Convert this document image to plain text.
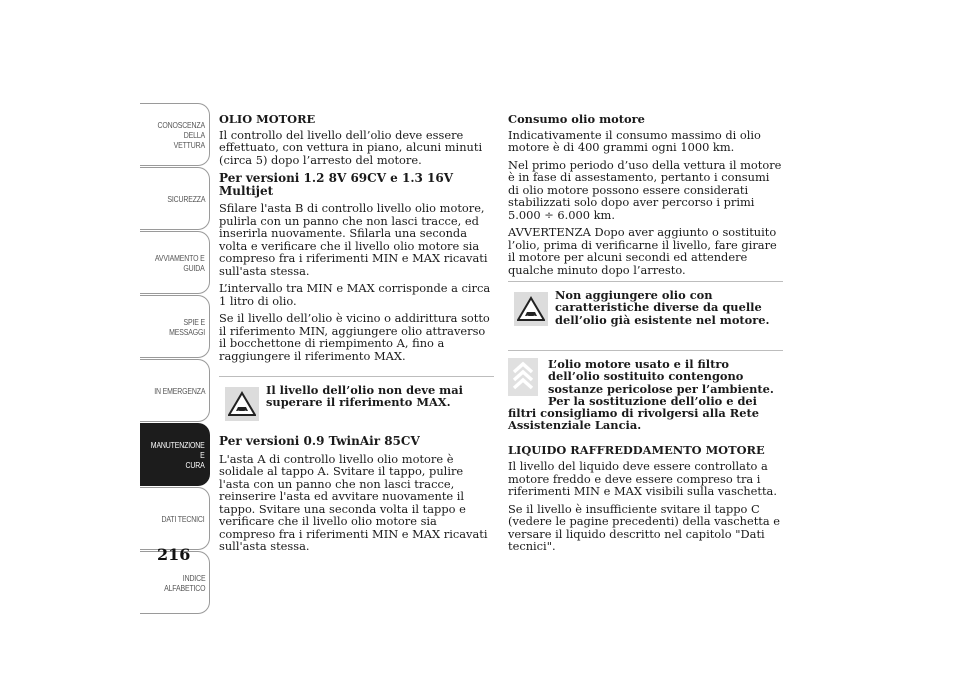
CONOSCENZA
DELLA VETTURA
SICUREZZA
AVVIAMENTO E
GUIDA
SPIE E MESSAGGI
IN EMERGENZA
MANUTENZIONE E
CURA
DATI TECNICI
INDICE
ALFABETICO
216
OLIO MOTORE

Il controllo del livello dell’olio deve essere effettuato, con vettura in piano, alcuni minuti (circa 5) dopo l’arresto del motore.

Per versioni 1.2 8V 69CV e 1.3 16V Multijet

Sfilare l'asta B di controllo livello olio motore, pulirla con un panno che non lasci tracce, ed inserirla nuovamente. Sfilarla una seconda volta e verificare che il livello olio motore sia compreso fra i riferimenti MIN e MAX ricavati sull'asta stessa.

L’intervallo tra MIN e MAX corrisponde a circa 1 litro di olio.

Se il livello dell’olio è vicino o addirittura sotto il riferimento MIN, aggiungere olio attraverso il bocchettone di riempimento A, fino a raggiungere il riferimento MAX.

Il livello dell’olio non deve mai superare il riferimento MAX.
Per versioni 0.9 TwinAir 85CV

L'asta A di controllo livello olio motore è solidale al tappo A. Svitare il tappo, pulire l'asta con un panno che non lasci tracce, reinserire l'asta ed avvitare nuovamente il tappo. Svitare una seconda volta il tappo e verificare che il livello olio motore sia compreso fra i riferimenti MIN e MAX ricavati sull'asta stessa.

Consumo olio motore

Indicativamente il consumo massimo di olio motore è di 400 grammi ogni 1000 km.

Nel primo periodo d’uso della vettura il motore è in fase di assestamento, pertanto i consumi di olio motore possono essere considerati stabilizzati solo dopo aver percorso i primi 5.000 ÷ 6.000 km.

AVVERTENZA Dopo aver aggiunto o sostituito l’olio, prima di verificarne il livello, fare girare il motore per alcuni secondi ed attendere qualche minuto dopo l’arresto.

Non aggiungere olio con caratteristiche diverse da quelle dell’olio già esistente nel motore.
L’olio motore usato e il filtro dell’olio sostituito contengono sostanze pericolose per l’ambiente. Per la sostituzione dell’olio e dei filtri consigliamo di rivolgersi alla Rete Assistenziale Lancia.
LIQUIDO RAFFREDDAMENTO MOTORE

Il livello del liquido deve essere controllato a motore freddo e deve essere compreso tra i riferimenti MIN e MAX visibili sulla vaschetta.

Se il livello è insufficiente svitare il tappo C (vedere le pagine precedenti) della vaschetta e versare il liquido descritto nel capitolo "Dati tecnici".
